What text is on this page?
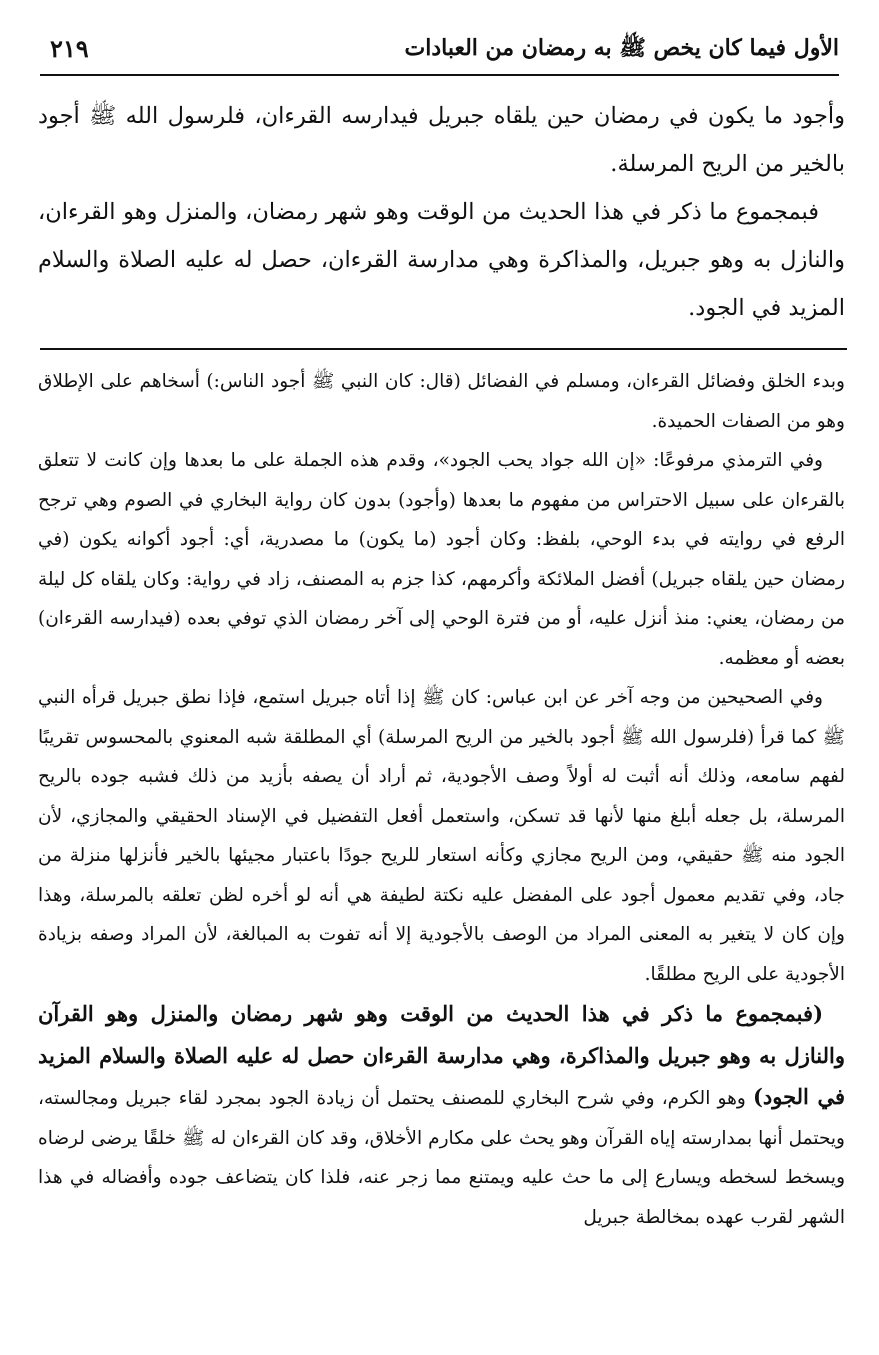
الأول فيما كان يخص ﷺ به رمضان من العبادات
٢١٩

وأجود ما يكون في رمضان حين يلقاه جبريل فيدارسه القرءان، فلرسول الله ﷺ أجود بالخير من الريح المرسلة.

فبمجموع ما ذكر في هذا الحديث من الوقت وهو شهر رمضان، والمنزل وهو القرءان، والنازل به وهو جبريل، والمذاكرة وهي مدارسة القرءان، حصل له عليه الصلاة والسلام المزيد في الجود.

وبدء الخلق وفضائل القرءان، ومسلم في الفضائل (قال: كان النبي ﷺ أجود الناس:) أسخاهم على الإطلاق وهو من الصفات الحميدة.

وفي الترمذي مرفوعًا: «إن الله جواد يحب الجود»، وقدم هذه الجملة على ما بعدها وإن كانت لا تتعلق بالقرءان على سبيل الاحتراس من مفهوم ما بعدها (وأجود) بدون كان رواية البخاري في الصوم وهي ترجح الرفع في روايته في بدء الوحي، بلفظ: وكان أجود (ما يكون) ما مصدرية، أي: أجود أكوانه يكون (في رمضان حين يلقاه جبريل) أفضل الملائكة وأكرمهم، كذا جزم به المصنف، زاد في رواية: وكان يلقاه كل ليلة من رمضان، يعني: منذ أنزل عليه، أو من فترة الوحي إلى آخر رمضان الذي توفي بعده (فيدارسه القرءان) بعضه أو معظمه.

وفي الصحيحين من وجه آخر عن ابن عباس: كان ﷺ إذا أتاه جبريل استمع، فإذا نطق جبريل قرأه النبي ﷺ كما قرأ (فلرسول الله ﷺ أجود بالخير من الريح المرسلة) أي المطلقة شبه المعنوي بالمحسوس تقريبًا لفهم سامعه، وذلك أنه أثبت له أولاً وصف الأجودية، ثم أراد أن يصفه بأزيد من ذلك فشبه جوده بالريح المرسلة، بل جعله أبلغ منها لأنها قد تسكن، واستعمل أفعل التفضيل في الإسناد الحقيقي والمجازي، لأن الجود منه ﷺ حقيقي، ومن الريح مجازي وكأنه استعار للريح جودًا باعتبار مجيئها بالخير فأنزلها منزلة من جاد، وفي تقديم معمول أجود على المفضل عليه نكتة لطيفة هي أنه لو أخره لظن تعلقه بالمرسلة، وهذا وإن كان لا يتغير به المعنى المراد من الوصف بالأجودية إلا أنه تفوت به المبالغة، لأن المراد وصفه بزيادة الأجودية على الريح مطلقًا.

(فبمجموع ما ذكر في هذا الحديث من الوقت وهو شهر رمضان والمنزل وهو القرآن والنازل به وهو جبريل والمذاكرة، وهي مدارسة القرءان حصل له عليه الصلاة والسلام المزيد في الجود) وهو الكرم، وفي شرح البخاري للمصنف يحتمل أن زيادة الجود بمجرد لقاء جبريل ومجالسته، ويحتمل أنها بمدارسته إياه القرآن وهو يحث على مكارم الأخلاق، وقد كان القرءان له ﷺ خلقًا يرضى لرضاه ويسخط لسخطه ويسارع إلى ما حث عليه ويمتنع مما زجر عنه، فلذا كان يتضاعف جوده وأفضاله في هذا الشهر لقرب عهده بمخالطة جبريل
